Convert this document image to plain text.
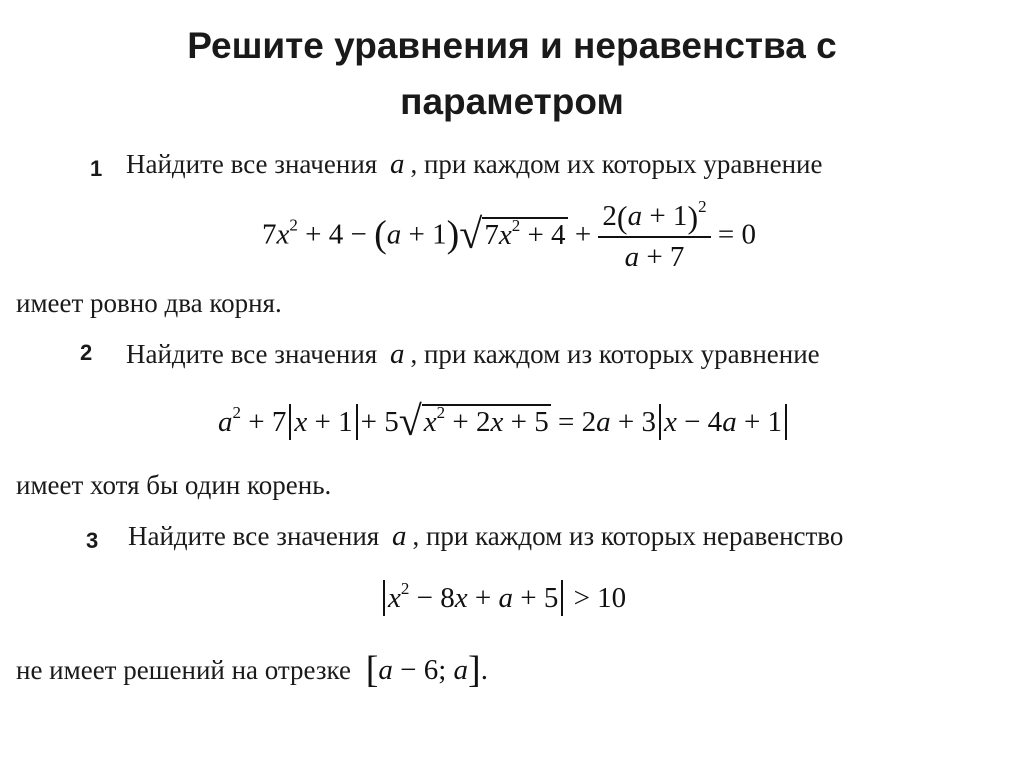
Решите уравнения и неравенства с
параметром
1 Найдите все значения a , при каждом их которых уравнение
$7x^2 + 4 - (a + 1)√7x^2 + 4 + \frac{2(a + 1)^2}{a + 7} = 0$
имеет ровно два корня.
2 Найдите все значения a , при каждом из которых уравнение
$a^2 + 7$ $x + 1 + 5√x^2 + 2x + 5 = 2a + 3$ x − 4a + 1
имеет хотя бы один корень.
3 Найдите все значения a , при каждом из которых неравенство
$x^2 - 8x + a + 5 > 10$
не имеет решений на отрезке [a − 6; a].
